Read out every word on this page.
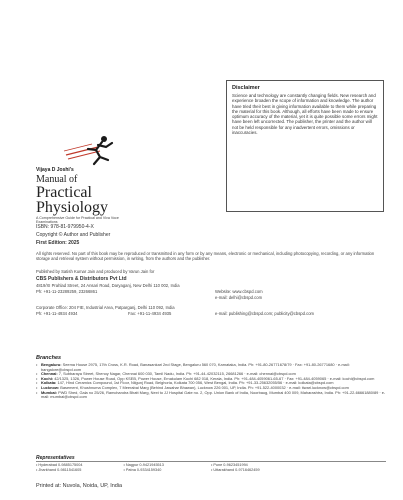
Disclaimer
Science and technology are constantly changing fields. New research and experience broaden the scope of information and knowledge. The author have tried their best in giving information available to them while preparing the material for this book. Although, all efforts have been made to ensure optimum accuracy of the material, yet it is quite possible some errors might have been left uncorrected. The publisher, the printer and the author will not be held responsible for any inadvertent errors, omissions or inaccuracies.
Vijaya D Joshi's
Manual of
Practical
Physiology
A Comprehensive Guide for Practical and Viva Voce Examinations
ISBN: 978-81-979950-4-X
Copyright © Author and Publisher
First Edition: 2025
All rights reserved. No part of this book may be reproduced or transmitted in any form or by any means, electronic or mechanical, including photocopying, recording, or any information storage and retrieval system without permission, in writing, from the authors and the publisher.
Published by Satish Kumar Jain and produced by Varun Jain for
CBS Publishers & Distributors Pvt Ltd
4819/XI Prahlad Street, 24 Ansari Road, Daryaganj, New Delhi 110 002, India
Ph: +91-11-23289259, 23266861	Website: www.cbspd.com
e-mail: delhi@cbspd.com
Corporate Office: 204 FIE, Industrial Area, Patparganj, Delhi 110 092, India
Ph: +91-11-4934 4934	Fax: +91-11-4934 4935	e-mail: publishing@cbspd.com; publicity@cbspd.com
Branches
• Bengaluru: Seema House 2975, 17th Cross, K.R. Road, Banasankari 2nd Stage, Bengaluru 560 070, Karnataka, India. Ph: +91-80-26771678/79 · Fax: +91-80-26771680 · e-mail: bangalore@cbspd.com
• Chennai: 7, Subbaraya Street, Shenoy Nagar, Chennai 600 030, Tamil Nadu, India. Ph: +91-44-42032115, 26681266 · e-mail: chennai@cbspd.com
• Kochi: 42/1325, 1326, Power House Road, Opp KSEB, Power House, Ernakulam Kochi 682 018, Kerala, India. Ph: +91-484-4059061-65-67 · Fax: +91-484-4059065 · e-mail: kochi@cbspd.com
• Kolkata: 147, Hind Ceramics Compound, 1st Floor, Nilgunj Road, Belghoria, Kolkata 700 056, West Bengal, India. Ph: +91-33-25632055/56 · e-mail: kolkata@cbspd.com
• Lucknow: Basement, Khushnuma Complex, 7 Meerabai Marg (Behind Jawahar Bhawan), Lucknow 226 001, UP, India. Ph: +91-522-4000032 · e-mail: tiwari.lucknow@cbspd.com
• Mumbai: PWD Shed, Gala no 25/26, Ramchandra Bhatt Marg, Next to JJ Hospital Gate no. 2, Opp. Union Bank of India, Noorbaug, Mumbai 400 009, Maharashtra, India. Ph: +91-22-66661880/89 · e-mail: mumbai@cbspd.com
Representatives
• Hyderabad 0-9885175004	• Nagpur 0-9421945513	• Pune 0-9623451994
• Jharkhand 0-9811541605	• Patna 0-9334159340	• Uttarakhand 0-9716462459
Printed at: Nuvola, Noida, UP, India
